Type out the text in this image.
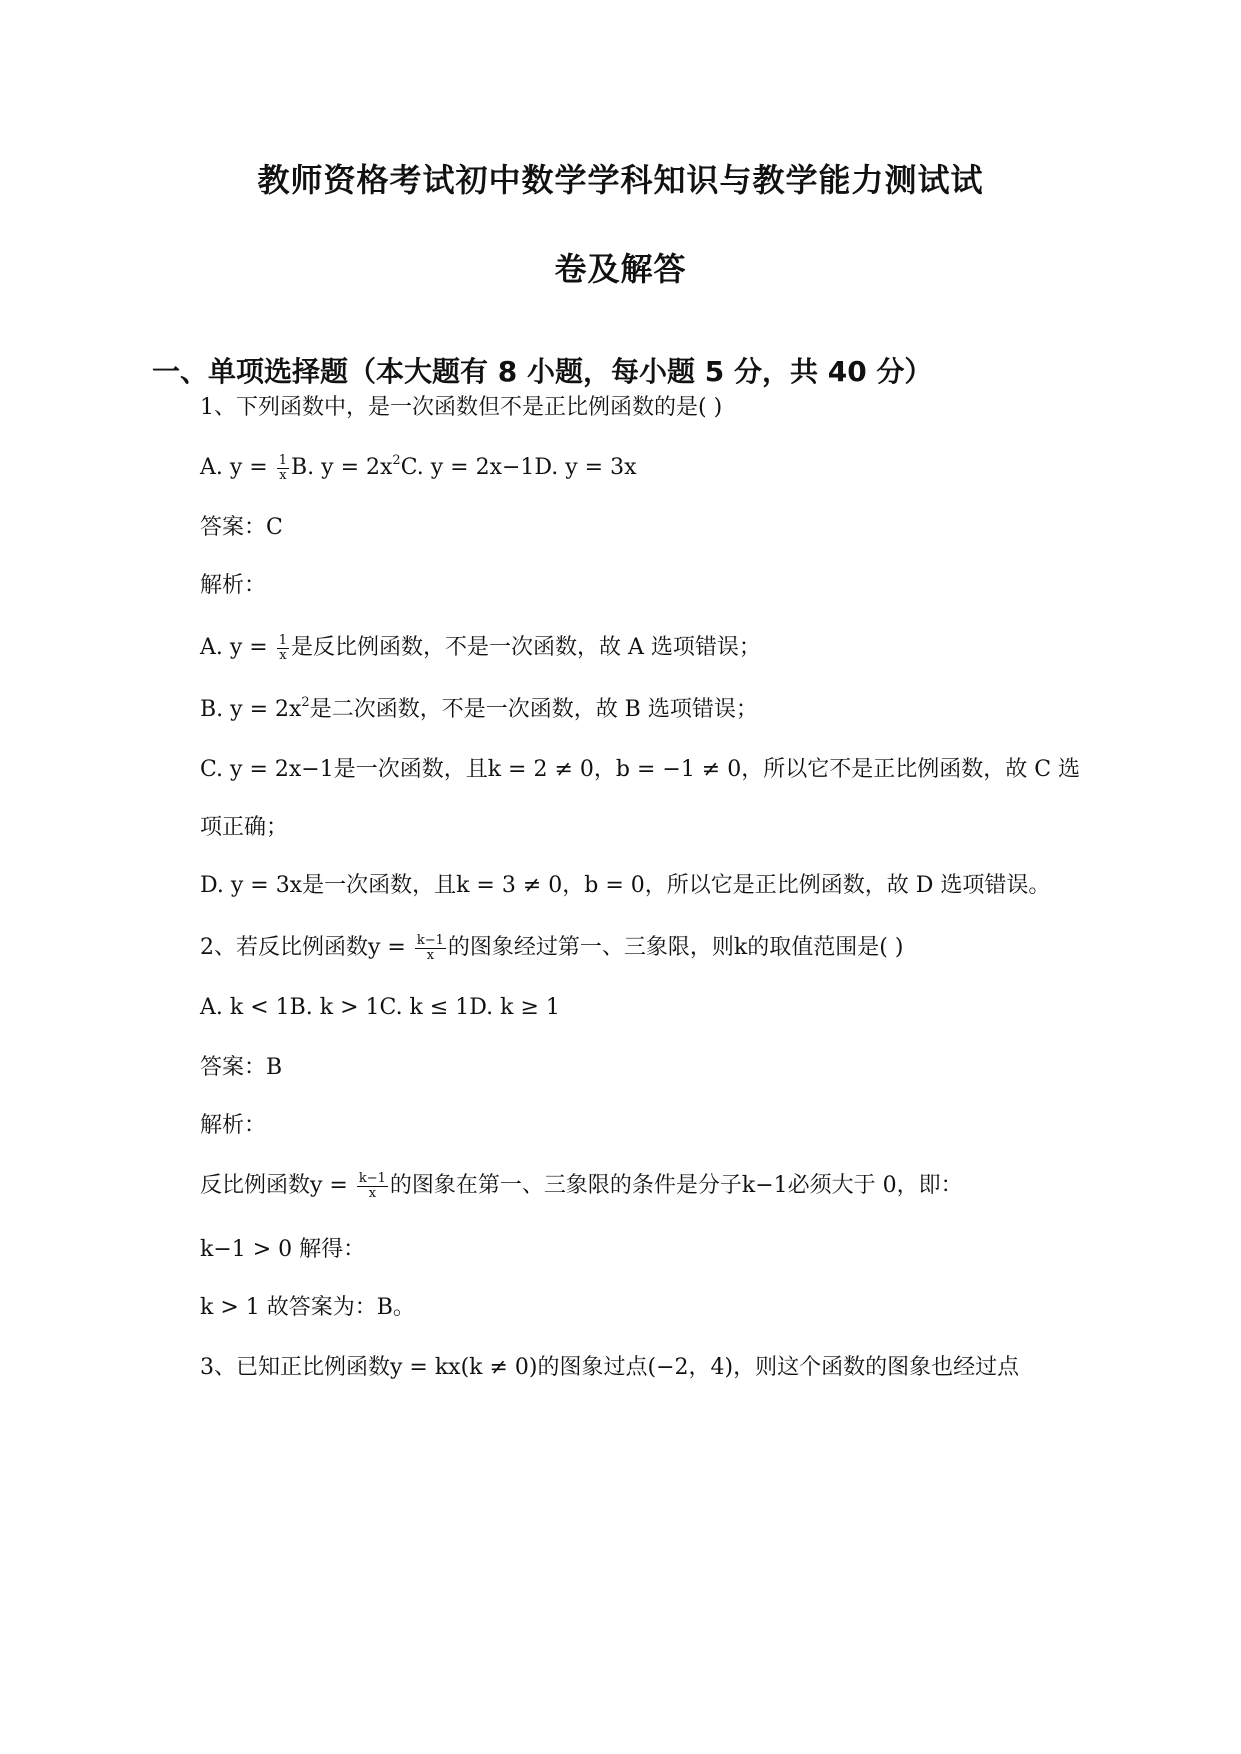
教师资格考试初中数学学科知识与教学能力测试试
卷及解答
一、单项选择题（本大题有 8 小题，每小题 5 分，共 40 分）

1、下列函数中，是一次函数但不是正比例函数的是( )

A. $y = \frac{1}{x} B$. $y = 2x^2C$. y = 2x−1D. y = 3x

答案：C

解析：

A. $y = \frac{1}{x}$ 是反比例函数，不是一次函数，故 A 选项错误；

B. $y = 2x^2$是二次函数，不是一次函数，故 B 选项错误；

C. y = 2x−1是一次函数，且k = 2 ≠ 0，b = −1 ≠ 0，所以它不是正比例函数，故 C 选

项正确；

D. y = 3x是一次函数，且k = 3 ≠ 0，b = 0，所以它是正比例函数，故 D 选项错误。

2、若反比例函数$y = \frac{k-1}{x}$ 的图象经过第一、三象限，则k的取值范围是( )

A. k < 1B. k > 1C. k ≤ 1D. k ≥ 1

答案：B

解析：

反比例函数$y = \frac{k-1}{x}$ 的图象在第一、三象限的条件是分子k−1必须大于 0，即：

k−1 > 0 解得：

k > 1 故答案为：B。

3、已知正比例函数y = kx(k ≠ 0)的图象过点(−2，4)，则这个函数的图象也经过点
